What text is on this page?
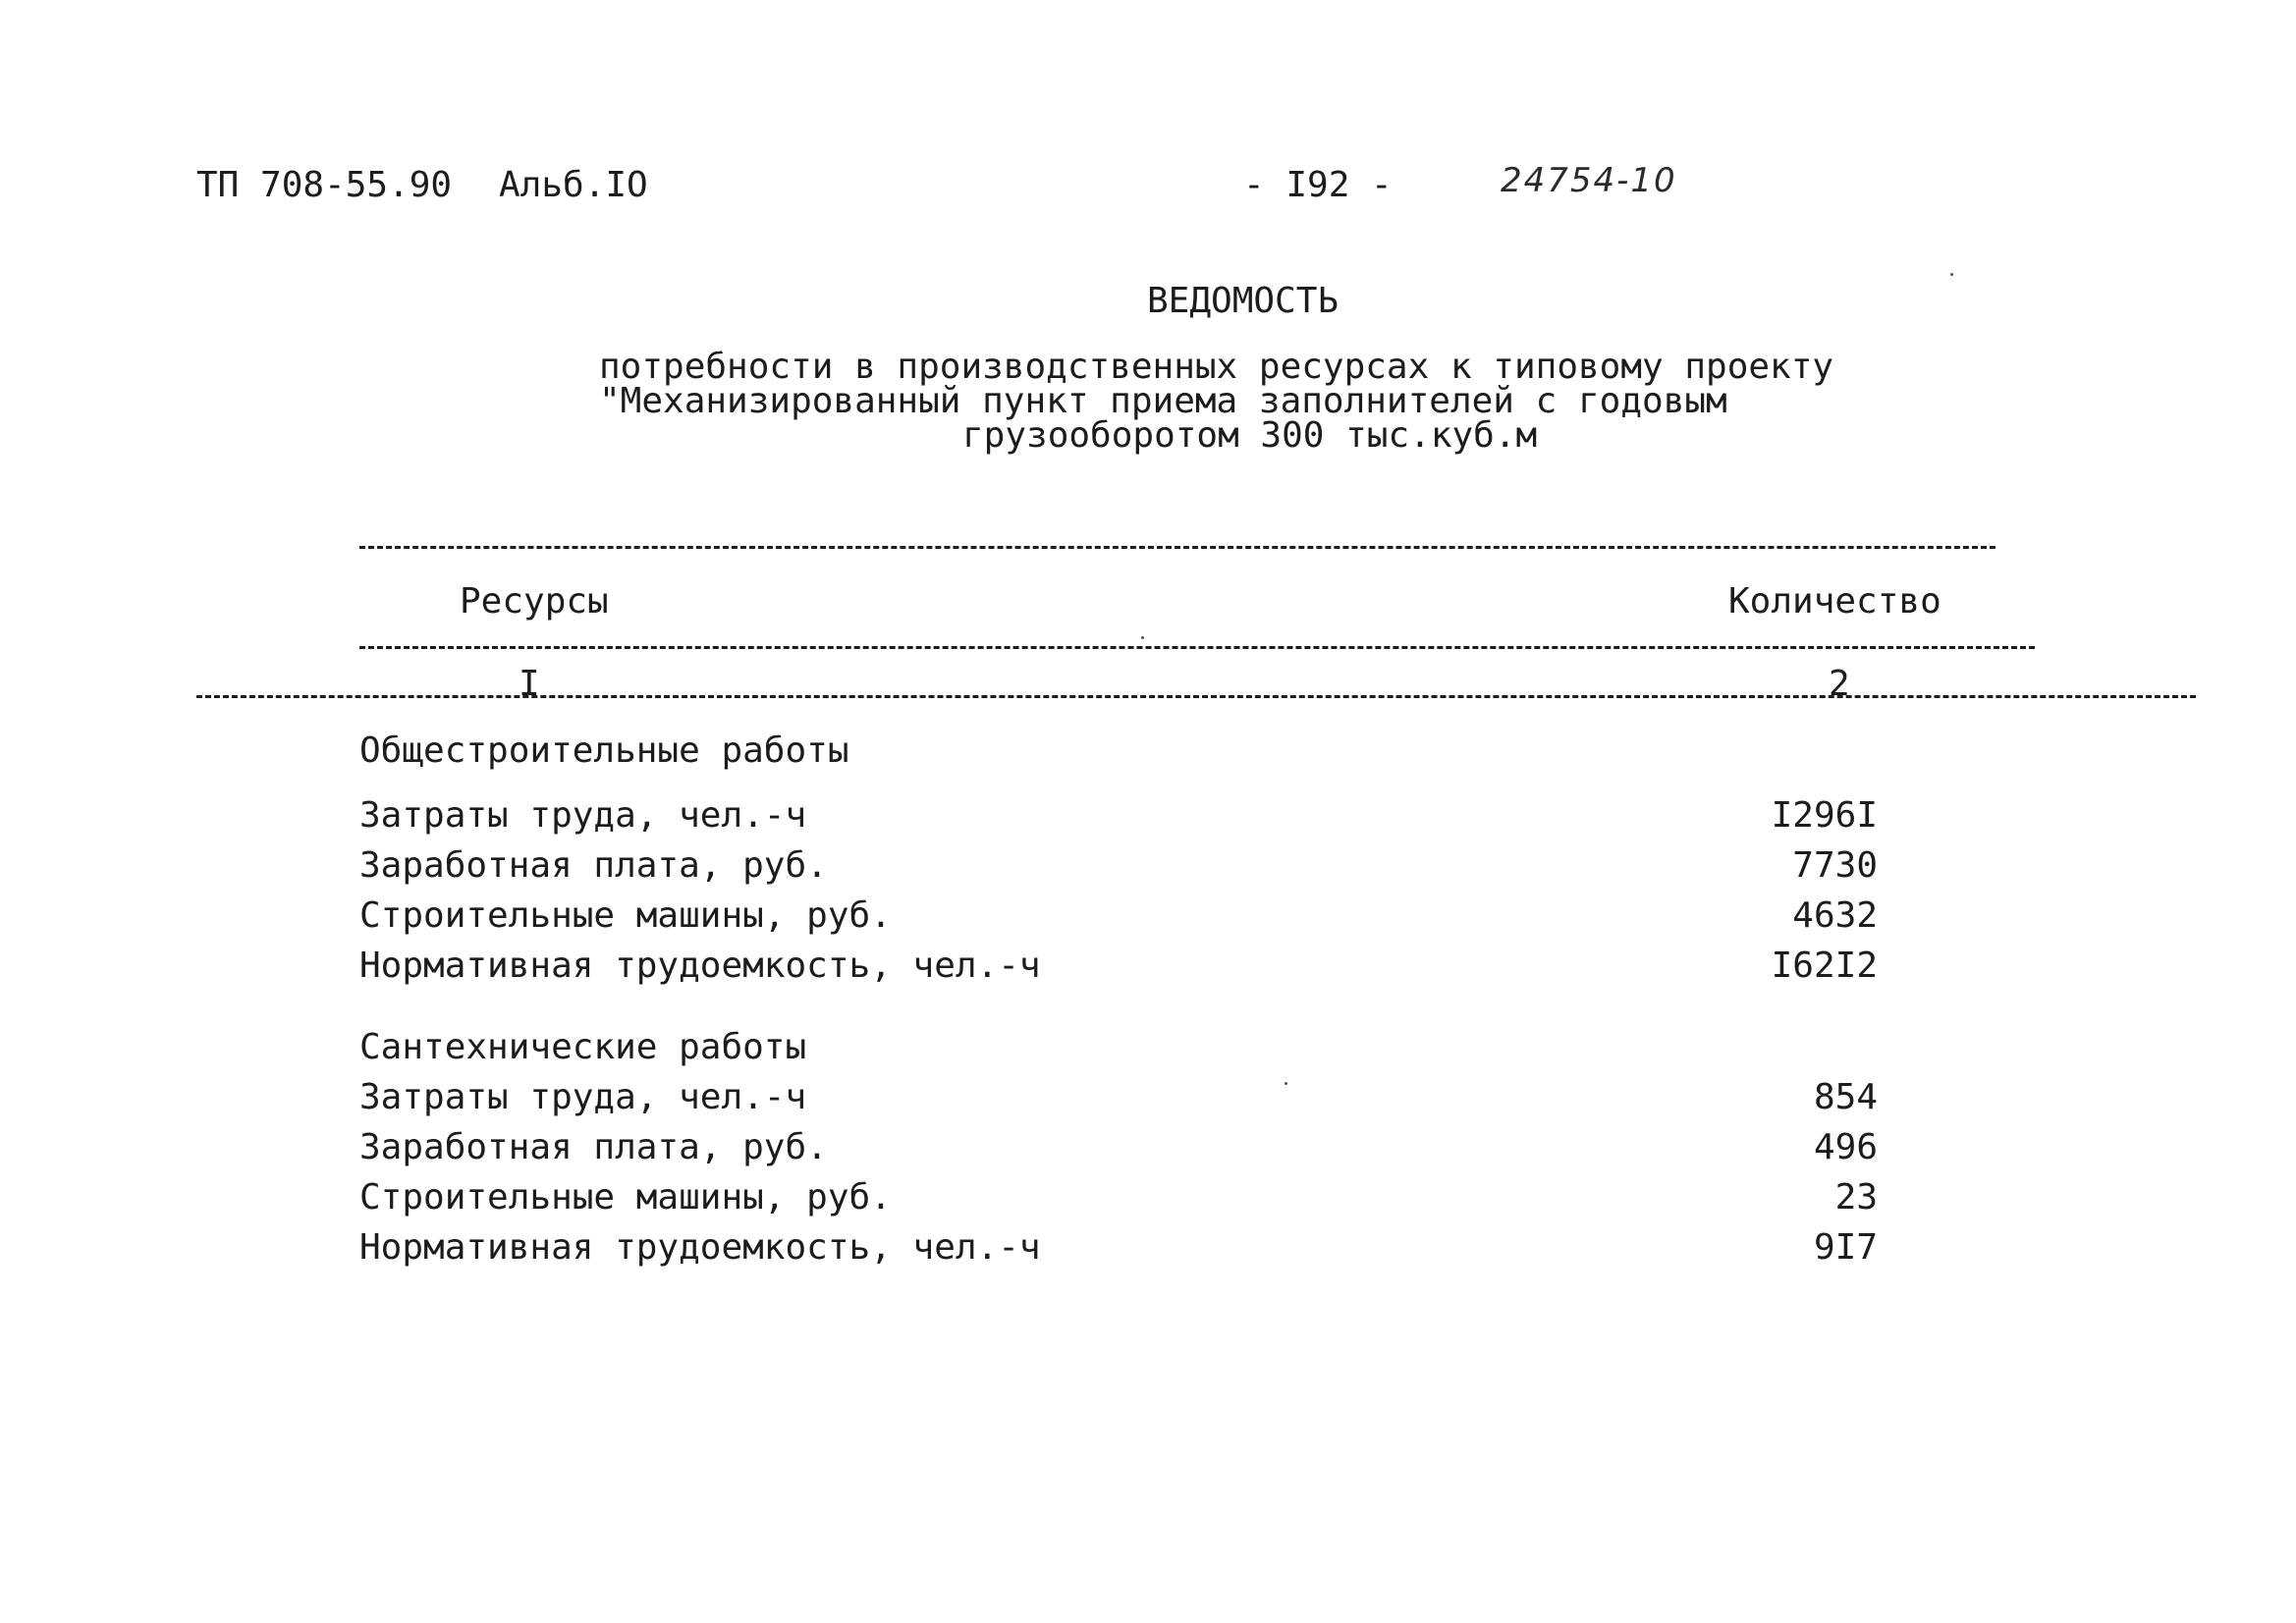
ТП 708-55.90 Альб.IO	- I92 -	24754-10
ВЕДОМОСТЬ
потребности в производственных ресурсах к типовому проекту
"Механизированный пункт приема заполнителей с годовым
грузооборотом 300 тыс.куб.м
Ресурсы	Количество
I	2
Общестроительные работы
Затраты труда, чел.-ч	I296I
Заработная плата, руб.	7730
Строительные машины, руб.	4632
Нормативная трудоемкость, чел.-ч	I62I2
Сантехнические работы
Затраты труда, чел.-ч	854
Заработная плата, руб.	496
Строительные машины, руб.	23
Нормативная трудоемкость, чел.-ч	9I7
